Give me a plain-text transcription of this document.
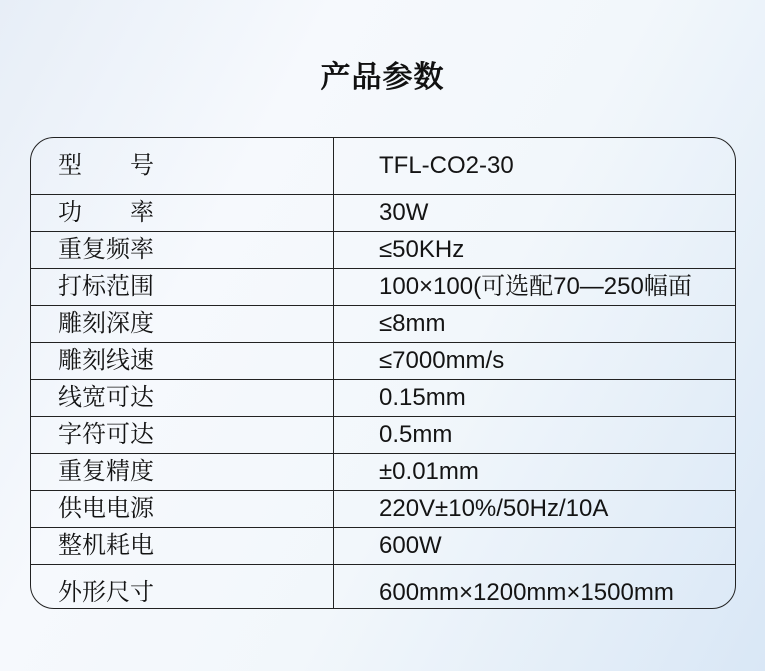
产品参数
型　　号	TFL-CO2-30
功　　率	30W
重复频率	≤50KHz
打标范围	100×100(可选配70—250幅面
雕刻深度	≤8mm
雕刻线速	≤7000mm/s
线宽可达	0.15mm
字符可达	0.5mm
重复精度	±0.01mm
供电电源	220V±10%/50Hz/10A
整机耗电	600W
外形尺寸	600mm×1200mm×1500mm
